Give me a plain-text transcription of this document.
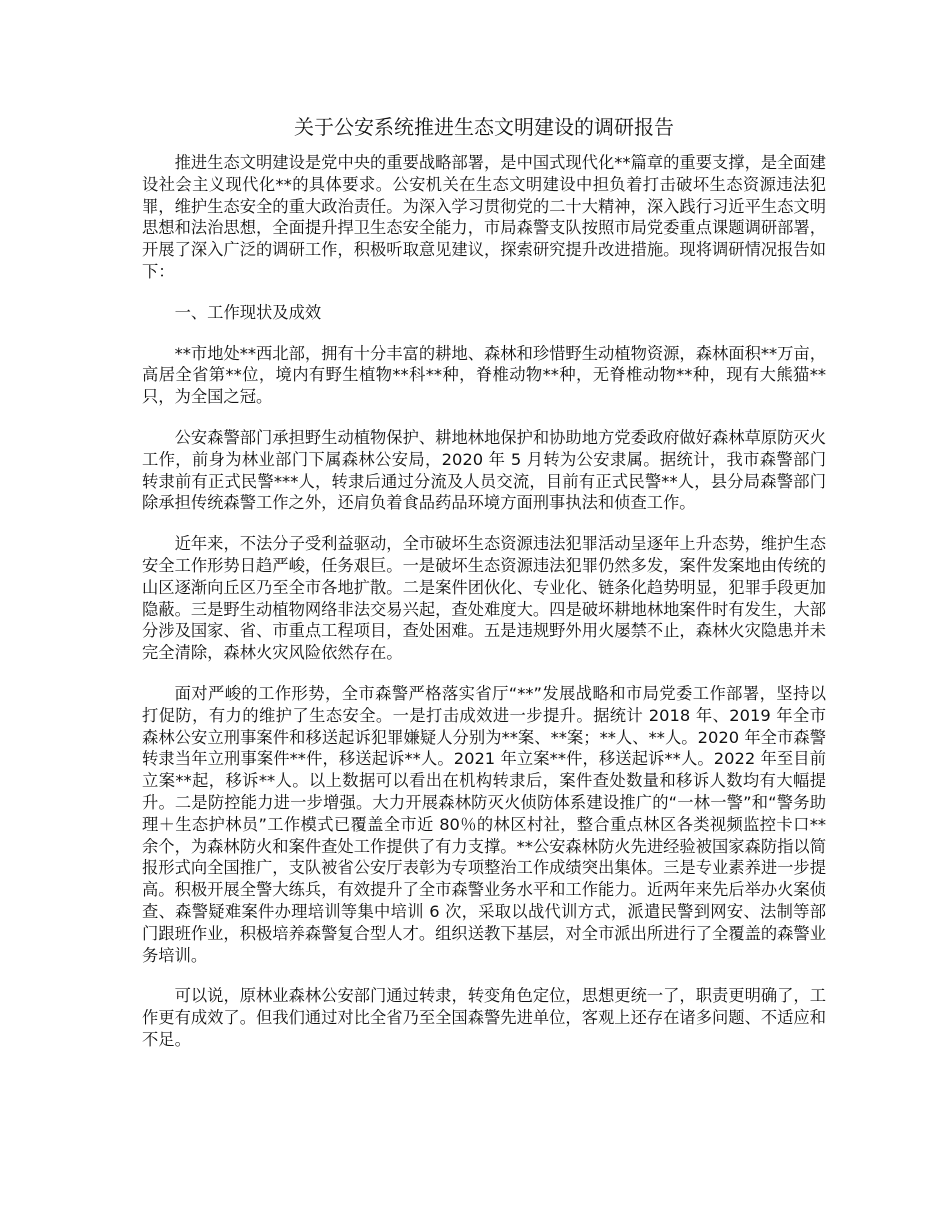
关于公安系统推进生态文明建设的调研报告

推进生态文明建设是党中央的重要战略部署，是中国式现代化**篇章的重要支撑，是全面建设社会主义现代化**的具体要求。公安机关在生态文明建设中担负着打击破坏生态资源违法犯罪，维护生态安全的重大政治责任。为深入学习贯彻党的二十大精神，深入践行习近平生态文明思想和法治思想，全面提升捍卫生态安全能力，市局森警支队按照市局党委重点课题调研部署，开展了深入广泛的调研工作，积极听取意见建议，探索研究提升改进措施。现将调研情况报告如下：

一、工作现状及成效

**市地处**西北部，拥有十分丰富的耕地、森林和珍惜野生动植物资源，森林面积**万亩，高居全省第**位，境内有野生植物**科**种，脊椎动物**种，无脊椎动物**种，现有大熊猫**只，为全国之冠。

公安森警部门承担野生动植物保护、耕地林地保护和协助地方党委政府做好森林草原防灭火工作，前身为林业部门下属森林公安局，2020 年 5 月转为公安隶属。据统计，我市森警部门转隶前有正式民警***人，转隶后通过分流及人员交流，目前有正式民警**人，县分局森警部门除承担传统森警工作之外，还肩负着食品药品环境方面刑事执法和侦查工作。

近年来，不法分子受利益驱动，全市破坏生态资源违法犯罪活动呈逐年上升态势，维护生态安全工作形势日趋严峻，任务艰巨。一是破坏生态资源违法犯罪仍然多发，案件发案地由传统的山区逐渐向丘区乃至全市各地扩散。二是案件团伙化、专业化、链条化趋势明显，犯罪手段更加隐蔽。三是野生动植物网络非法交易兴起，查处难度大。四是破坏耕地林地案件时有发生，大部分涉及国家、省、市重点工程项目，查处困难。五是违规野外用火屡禁不止，森林火灾隐患并未完全清除，森林火灾风险依然存在。

面对严峻的工作形势，全市森警严格落实省厅“**”发展战略和市局党委工作部署，坚持以打促防，有力的维护了生态安全。一是打击成效进一步提升。据统计 2018 年、2019 年全市森林公安立刑事案件和移送起诉犯罪嫌疑人分别为**案、**案；**人、**人。2020 年全市森警转隶当年立刑事案件**件，移送起诉**人。2021 年立案**件，移送起诉**人。2022 年至目前立案**起，移诉**人。以上数据可以看出在机构转隶后，案件查处数量和移诉人数均有大幅提升。二是防控能力进一步增强。大力开展森林防灭火侦防体系建设推广的“一林一警”和“警务助理＋生态护林员”工作模式已覆盖全市近 80％的林区村社，整合重点林区各类视频监控卡口**余个，为森林防火和案件查处工作提供了有力支撑。**公安森林防火先进经验被国家森防指以简报形式向全国推广，支队被省公安厅表彰为专项整治工作成绩突出集体。三是专业素养进一步提高。积极开展全警大练兵，有效提升了全市森警业务水平和工作能力。近两年来先后举办火案侦查、森警疑难案件办理培训等集中培训 6 次，采取以战代训方式，派遣民警到网安、法制等部门跟班作业，积极培养森警复合型人才。组织送教下基层，对全市派出所进行了全覆盖的森警业务培训。

可以说，原林业森林公安部门通过转隶，转变角色定位，思想更统一了，职责更明确了，工作更有成效了。但我们通过对比全省乃至全国森警先进单位，客观上还存在诸多问题、不适应和不足。
